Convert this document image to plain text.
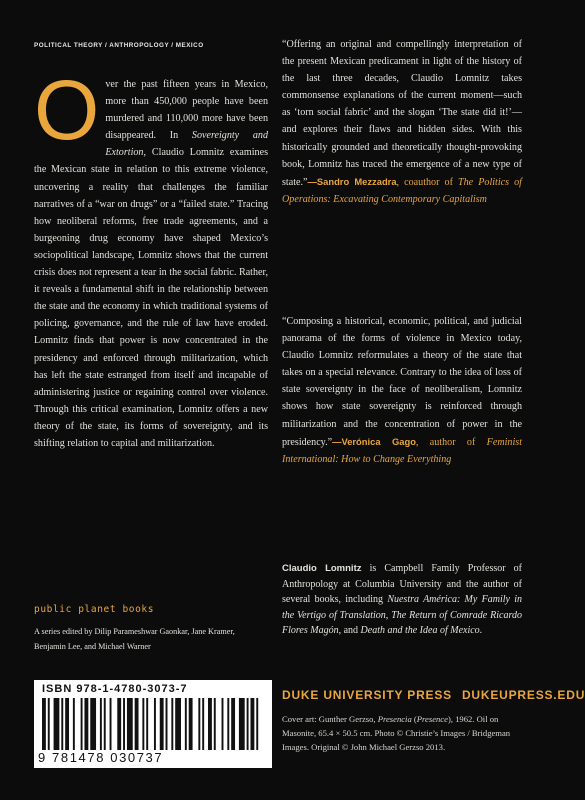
POLITICAL THEORY / ANTHROPOLOGY / MEXICO
Over the past fifteen years in Mexico, more than 450,000 people have been murdered and 110,000 more have been disappeared. In Sovereignty and Extortion, Claudio Lomnitz examines the Mexican state in relation to this extreme violence, uncovering a reality that challenges the familiar narratives of a “war on drugs” or a “failed state.” Tracing how neoliberal reforms, free trade agreements, and a burgeoning drug economy have shaped Mexico’s sociopolitical landscape, Lomnitz shows that the current crisis does not represent a tear in the social fabric. Rather, it reveals a fundamental shift in the relationship between the state and the economy in which traditional systems of policing, governance, and the rule of law have eroded. Lomnitz finds that power is now concentrated in the presidency and enforced through militarization, which has left the state estranged from itself and incapable of administering justice or regaining control over violence. Through this critical examination, Lomnitz offers a new theory of the state, its forms of sovereignty, and its shifting relation to capital and militarization.
public planet books
A series edited by Dilip Parameshwar Gaonkar, Jane Kramer, Benjamin Lee, and Michael Warner
“Offering an original and compellingly interpretation of the present Mexican predicament in light of the history of the last three decades, Claudio Lomnitz takes commonsense explanations of the current moment—such as ‘torn social fabric’ and the slogan ‘The state did it!’—and explores their flaws and hidden sides. With this historically grounded and theoretically thought-provoking book, Lomnitz has traced the emergence of a new type of state.”—Sandro Mezzadra, coauthor of The Politics of Operations: Excavating Contemporary Capitalism
“Composing a historical, economic, political, and judicial panorama of the forms of violence in Mexico today, Claudio Lomnitz reformulates a theory of the state that takes on a special relevance. Contrary to the idea of loss of state sovereignty in the face of neoliberalism, Lomnitz shows how state sovereignty is reinforced through militarization and the concentration of power in the presidency.”—Verónica Gago, author of Feminist International: How to Change Everything
Claudio Lomnitz is Campbell Family Professor of Anthropology at Columbia University and the author of several books, including Nuestra América: My Family in the Vertigo of Translation, The Return of Comrade Ricardo Flores Magón, and Death and the Idea of Mexico.
ISBN 978-1-4780-3073-7
9 781478 030737
DUKE UNIVERSITY PRESS DUKEUPRESS.EDU
Cover art: Gunther Gerzso, Presencia (Presence), 1962. Oil on Masonite, 65.4 × 50.5 cm. Photo © Christie’s Images / Bridgeman Images. Original © John Michael Gerzso 2013.
